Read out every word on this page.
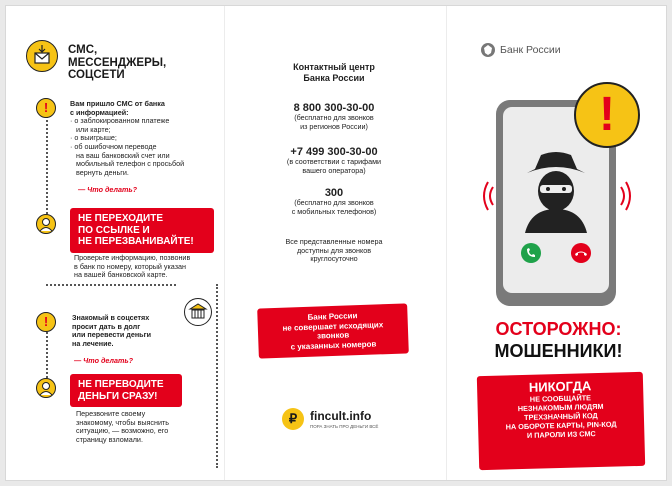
СМС,
МЕССЕНДЖЕРЫ,
СОЦСЕТИ
!	Вам пришло СМС от банка
с информацией:
· о заблокированном платеже
или карте;
· о выигрыше;
· об ошибочном переводе
на ваш банковский счет или
мобильный телефон с просьбой
вернуть деньги.
— Что делать?
НЕ ПЕРЕХОДИТЕ
ПО ССЫЛКЕ И
НЕ ПЕРЕЗВАНИВАЙТЕ!
Проверьте информацию, позвонив
в банк по номеру, который указан
на вашей банковской карте.
!	Знакомый в соцсетях
просит дать в долг
или перевести деньги
на лечение.
— Что делать?
НЕ ПЕРЕВОДИТЕ
ДЕНЬГИ СРАЗУ!
Перезвоните своему
знакомому, чтобы выяснить
ситуацию, — возможно, его
страницу взломали.
Контактный центр
Банка России
8 800 300-30-00
(бесплатно для звонков
из регионов России)
+7 499 300-30-00
(в соответствии с тарифами
вашего оператора)
300
(бесплатно для звонков
с мобильных телефонов)
Все представленные номера
доступны для звонков
круглосуточно
Банк России
не совершает исходящих
звонков
с указанных номеров
₽	fincult.info
ПОРА ЗНАТЬ ПРО ДЕНЬГИ ВСЁ
Банк России
!
ОСТОРОЖНО:
МОШЕННИКИ!
НИКОГДА
НЕ СООБЩАЙТЕ
НЕЗНАКОМЫМ ЛЮДЯМ
ТРЕХЗНАЧНЫЙ КОД
НА ОБОРОТЕ КАРТЫ, PIN-КОД
И ПАРОЛИ ИЗ СМС
